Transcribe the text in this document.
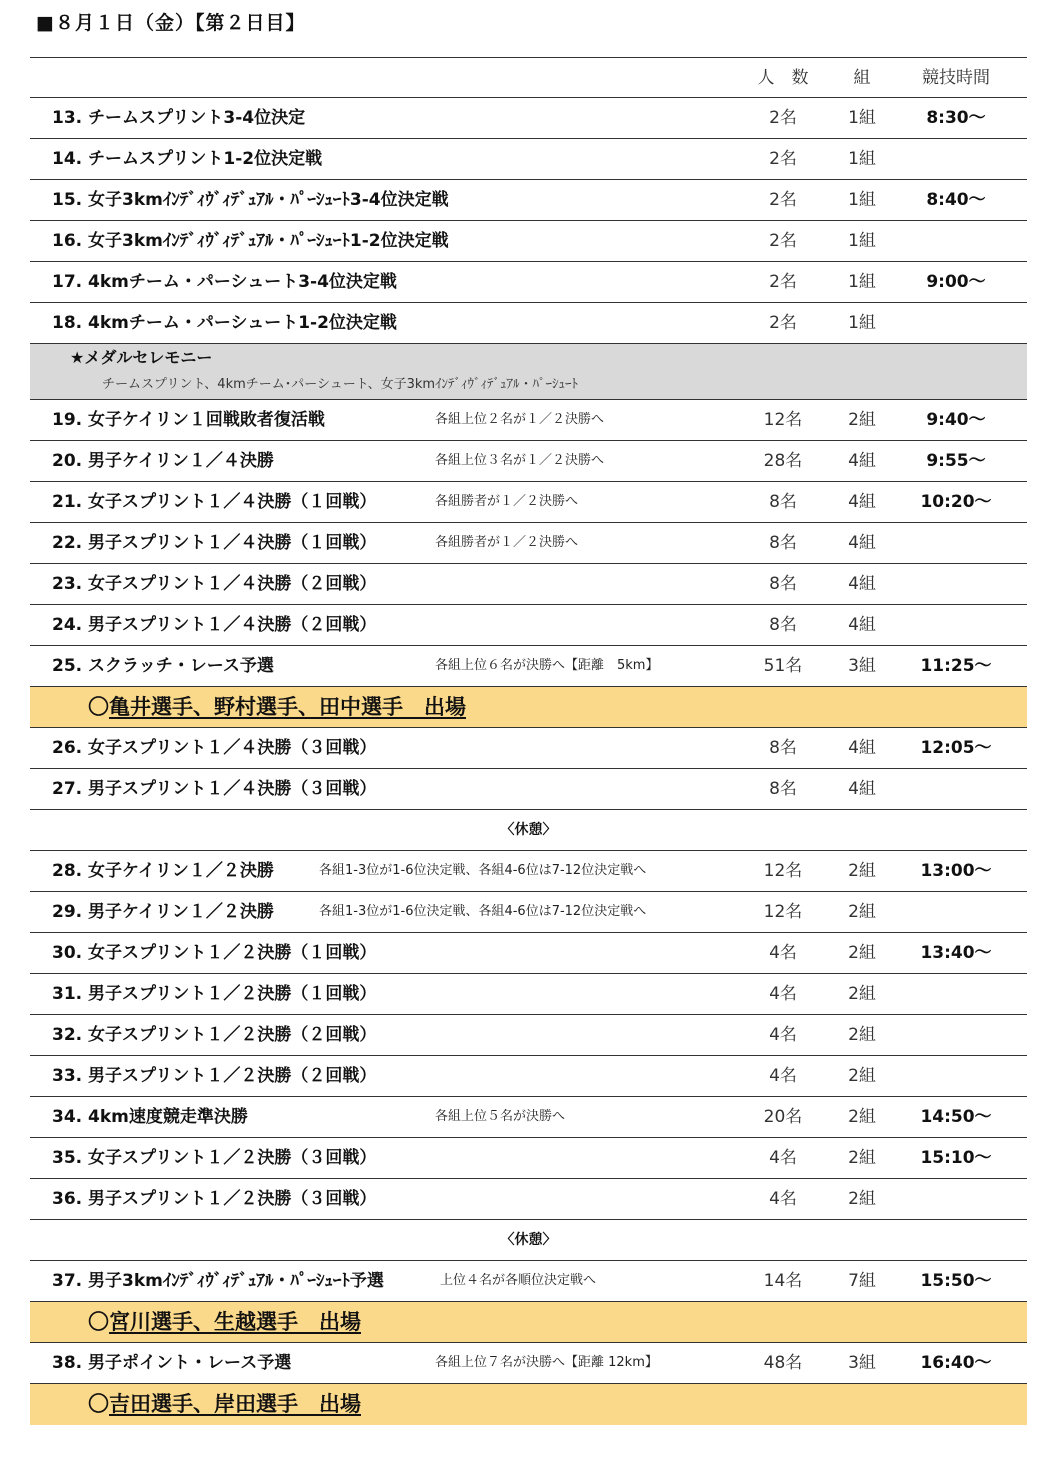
■８月１日（金）【第２日目】
人　数	組	競技時間
13. チームスプリント3-4位決定	2名	1組	8:30〜
14. チームスプリント1-2位決定戦	2名	1組
15. 女子3kmｲﾝﾃﾞｨｳﾞｨﾃﾞｭｱﾙ・ﾊﾟｰｼｭｰﾄ3-4位決定戦	2名	1組	8:40〜
16. 女子3kmｲﾝﾃﾞｨｳﾞｨﾃﾞｭｱﾙ・ﾊﾟｰｼｭｰﾄ1-2位決定戦	2名	1組
17. 4kmチーム・パーシュート3-4位決定戦	2名	1組	9:00〜
18. 4kmチーム・パーシュート1-2位決定戦	2名	1組
★メダルセレモニー
チームスプリント、4kmチーム･パーシュート、女子3kmｲﾝﾃﾞｨｳﾞｨﾃﾞｭｱﾙ・ﾊﾟｰｼｭｰﾄ
19. 女子ケイリン１回戦敗者復活戦	各組上位２名が１／２決勝へ	12名	2組	9:40〜
20. 男子ケイリン１／４決勝	各組上位３名が１／２決勝へ	28名	4組	9:55〜
21. 女子スプリント１／４決勝（１回戦）	各組勝者が１／２決勝へ	8名	4組	10:20〜
22. 男子スプリント１／４決勝（１回戦）	各組勝者が１／２決勝へ	8名	4組
23. 女子スプリント１／４決勝（２回戦）	8名	4組
24. 男子スプリント１／４決勝（２回戦）	8名	4組
25. スクラッチ・レース予選	各組上位６名が決勝へ【距離　5km】	51名	3組	11:25〜
〇亀井選手、野村選手、田中選手　出場
26. 女子スプリント１／４決勝（３回戦）	8名	4組	12:05〜
27. 男子スプリント１／４決勝（３回戦）	8名	4組
〈休憩〉
28. 女子ケイリン１／２決勝	各組1-3位が1-6位決定戦、各組4-6位は7-12位決定戦へ	12名	2組	13:00〜
29. 男子ケイリン１／２決勝	各組1-3位が1-6位決定戦、各組4-6位は7-12位決定戦へ	12名	2組
30. 女子スプリント１／２決勝（１回戦）	4名	2組	13:40〜
31. 男子スプリント１／２決勝（１回戦）	4名	2組
32. 女子スプリント１／２決勝（２回戦）	4名	2組
33. 男子スプリント１／２決勝（２回戦）	4名	2組
34. 4km速度競走準決勝	各組上位５名が決勝へ	20名	2組	14:50〜
35. 女子スプリント１／２決勝（３回戦）	4名	2組	15:10〜
36. 男子スプリント１／２決勝（３回戦）	4名	2組
〈休憩〉
37. 男子3kmｲﾝﾃﾞｨｳﾞｨﾃﾞｭｱﾙ・ﾊﾟｰｼｭｰﾄ予選	上位４名が各順位決定戦へ	14名	7組	15:50〜
〇宮川選手、生越選手　出場
38. 男子ポイント・レース予選	各組上位７名が決勝へ【距離 12km】	48名	3組	16:40〜
〇吉田選手、岸田選手　出場
